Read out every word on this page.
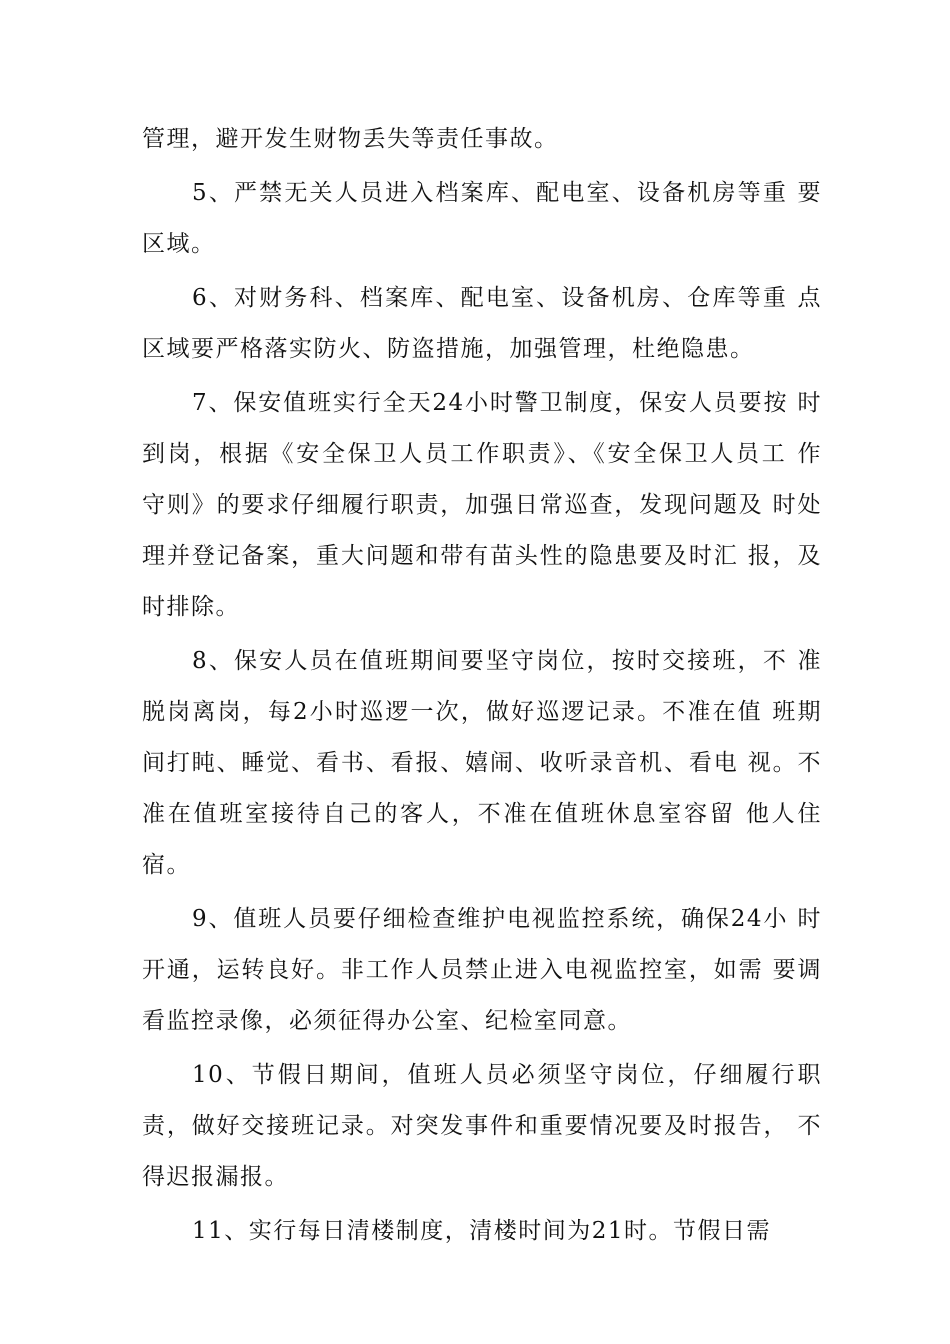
管理，避开发生财物丢失等责任事故。
5、严禁无关人员进入档案库、配电室、设备机房等重 要
区域。
6、对财务科、档案库、配电室、设备机房、仓库等重 点
区域要严格落实防火、防盗措施，加强管理，杜绝隐患。
7、保安值班实行全天24小时警卫制度，保安人员要按 时
到岗，根据《安全保卫人员工作职责》、《安全保卫人员工 作
守则》的要求仔细履行职责，加强日常巡查，发现问题及 时处
理并登记备案，重大问题和带有苗头性的隐患要及时汇 报，及
时排除。
8、保安人员在值班期间要坚守岗位，按时交接班，不 准
脱岗离岗，每2小时巡逻一次，做好巡逻记录。不准在值 班期
间打盹、睡觉、看书、看报、嬉闹、收听录音机、看电 视。不
准在值班室接待自己的客人，不准在值班休息室容留 他人住
宿。
9、值班人员要仔细检查维护电视监控系统，确保24小 时
开通，运转良好。非工作人员禁止进入电视监控室，如需 要调
看监控录像，必须征得办公室、纪检室同意。
10、节假日期间，值班人员必须坚守岗位，仔细履行职
责，做好交接班记录。对突发事件和重要情况要及时报告， 不
得迟报漏报。
11、实行每日清楼制度，清楼时间为21时。节假日需
